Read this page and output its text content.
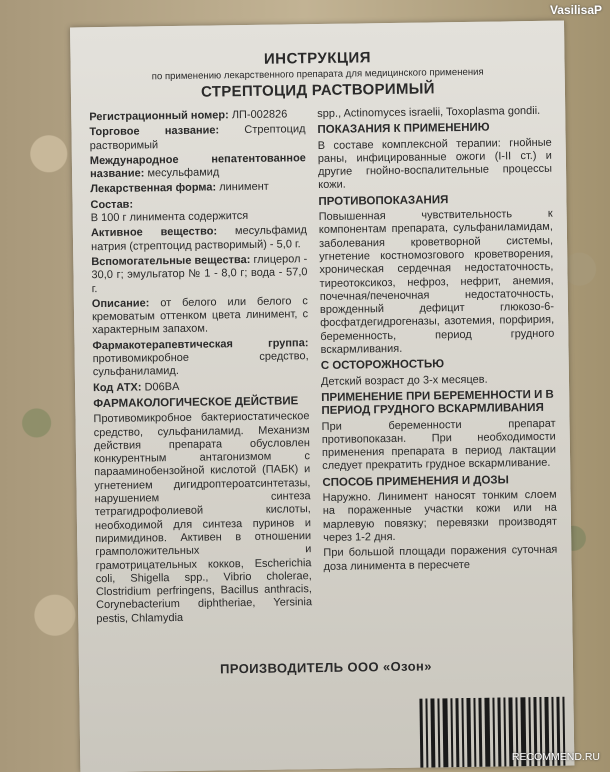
VasilisaP
ИНСТРУКЦИЯ
по применению лекарственного препарата для медицинского применения
СТРЕПТОЦИД РАСТВОРИМЫЙ

Регистрационный номер: ЛП-002826

Торговое название: Стрептоцид растворимый

Международное непатентованное название: месульфамид

Лекарственная форма: линимент

Состав:
В 100 г линимента содержится

Активное вещество: месульфамид натрия (стрептоцид растворимый) - 5,0 г.

Вспомогательные вещества: глицерол - 30,0 г; эмульгатор № 1 - 8,0 г; вода - 57,0 г.

Описание: от белого или белого с кремоватым оттенком цвета линимент, с характерным запахом.

Фармакотерапевтическая группа: противомикробное средство, сульфаниламид.

Код АТХ: D06BA

ФАРМАКОЛОГИЧЕСКОЕ ДЕЙСТВИЕ

Противомикробное бактериостатическое средство, сульфаниламид. Механизм действия препарата обусловлен конкурентным антагонизмом с парааминобензойной кислотой (ПАБК) и угнетением дигидроптероатсинтетазы, нарушением синтеза тетрагидрофолиевой кислоты, необходимой для синтеза пуринов и пиримидинов. Активен в отношении грамположительных и грамотрицательных кокков, Escherichia coli, Shigella spp., Vibrio cholerae, Clostridium perfringens, Bacillus anthracis, Corynebacterium diphtheriae, Yersinia pestis, Chlamydia

spp., Actinomyces israelii, Toxoplasma gondii.

ПОКАЗАНИЯ К ПРИМЕНЕНИЮ

В составе комплексной терапии: гнойные раны, инфицированные ожоги (I-II ст.) и другие гнойно-воспалительные процессы кожи.

ПРОТИВОПОКАЗАНИЯ

Повышенная чувствительность к компонентам препарата, сульфаниламидам, заболевания кроветворной системы, угнетение костномозгового кроветворения, хроническая сердечная недостаточность, тиреотоксикоз, нефроз, нефрит, анемия, почечная/печеночная недостаточность, врожденный дефицит глюкозо-6-фосфатдегидрогеназы, азотемия, порфирия, беременность, период грудного вскармливания.

С ОСТОРОЖНОСТЬЮ

Детский возраст до 3-х месяцев.

ПРИМЕНЕНИЕ ПРИ БЕРЕМЕННОСТИ И В ПЕРИОД ГРУДНОГО ВСКАРМЛИВАНИЯ

При беременности препарат противопоказан. При необходимости применения препарата в период лактации следует прекратить грудное вскармливание.

СПОСОБ ПРИМЕНЕНИЯ И ДОЗЫ

Наружно. Линимент наносят тонким слоем на пораженные участки кожи или на марлевую повязку; перевязки производят через 1-2 дня.

При большой площади поражения суточная доза линимента в пересчете

ПРОИЗВОДИТЕЛЬ ООО «Озон»
RECOMMEND.RU
